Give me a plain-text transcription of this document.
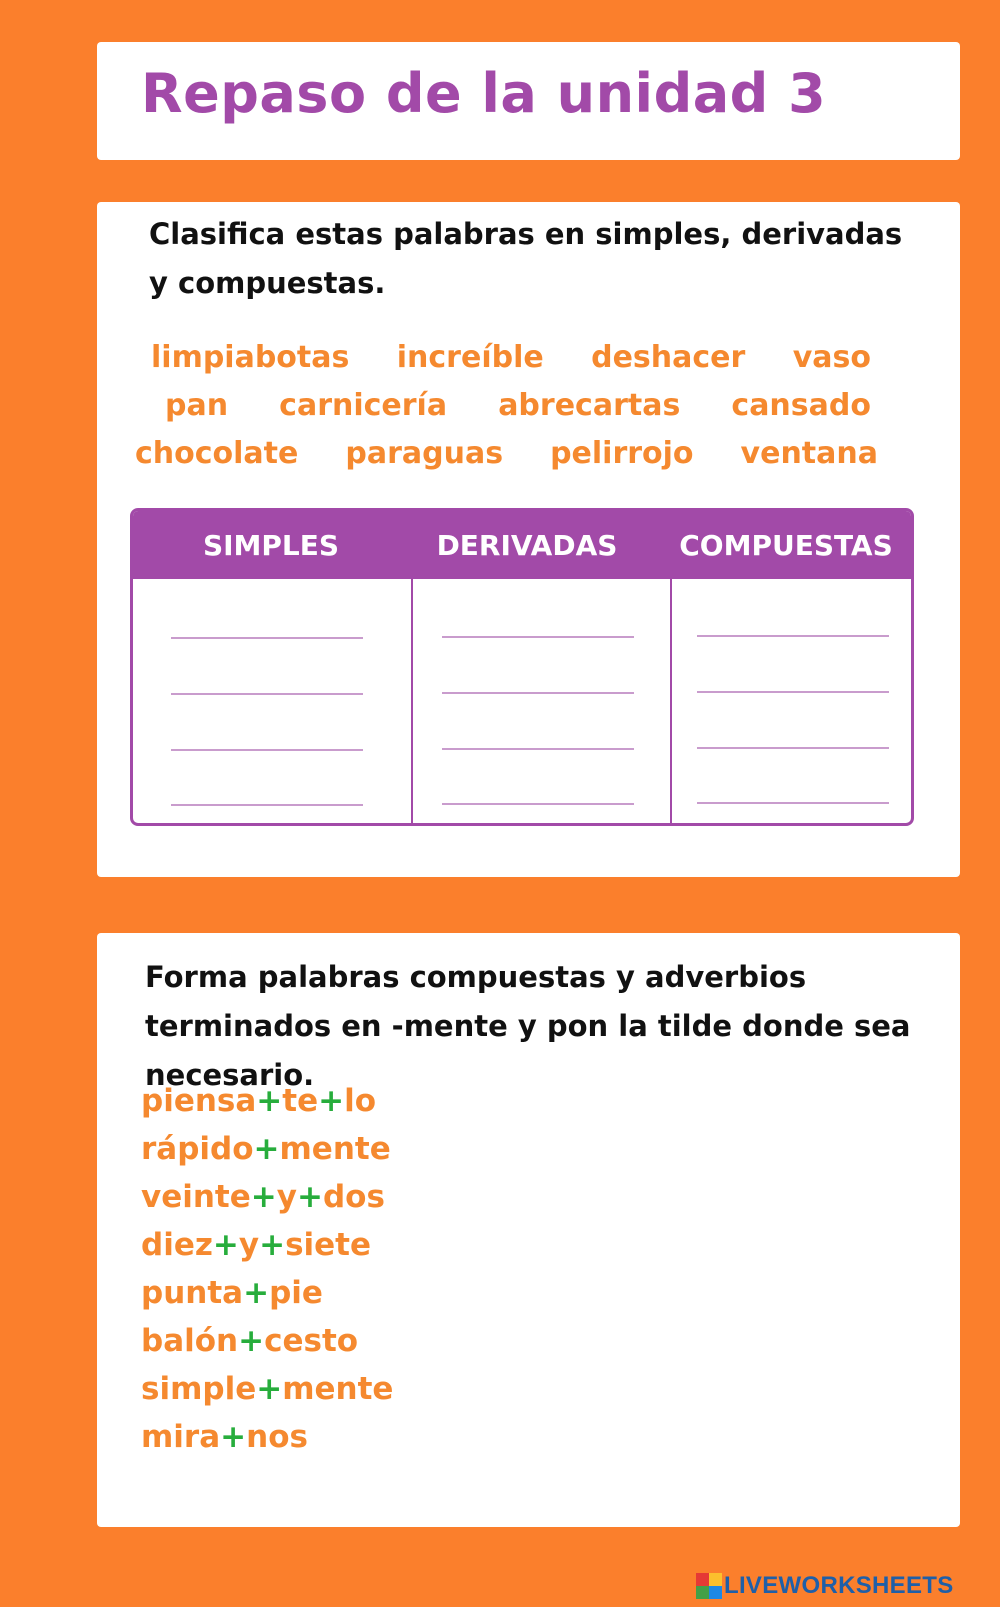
Repaso de la unidad 3

Clasifica estas palabras en simples, derivadas y compuestas.

limpiabotas increíble deshacer vaso
pan carnicería abrecartas cansado
chocolate paraguas pelirrojo ventana
SIMPLES	DERIVADAS	COMPUESTAS

Forma palabras compuestas y adverbios terminados en -mente y pon la tilde donde sea necesario.

piensa+te+lo
rápido+mente
veinte+y+dos
diez+y+siete
punta+pie
balón+cesto
simple+mente
mira+nos
LIVEWORKSHEETS
